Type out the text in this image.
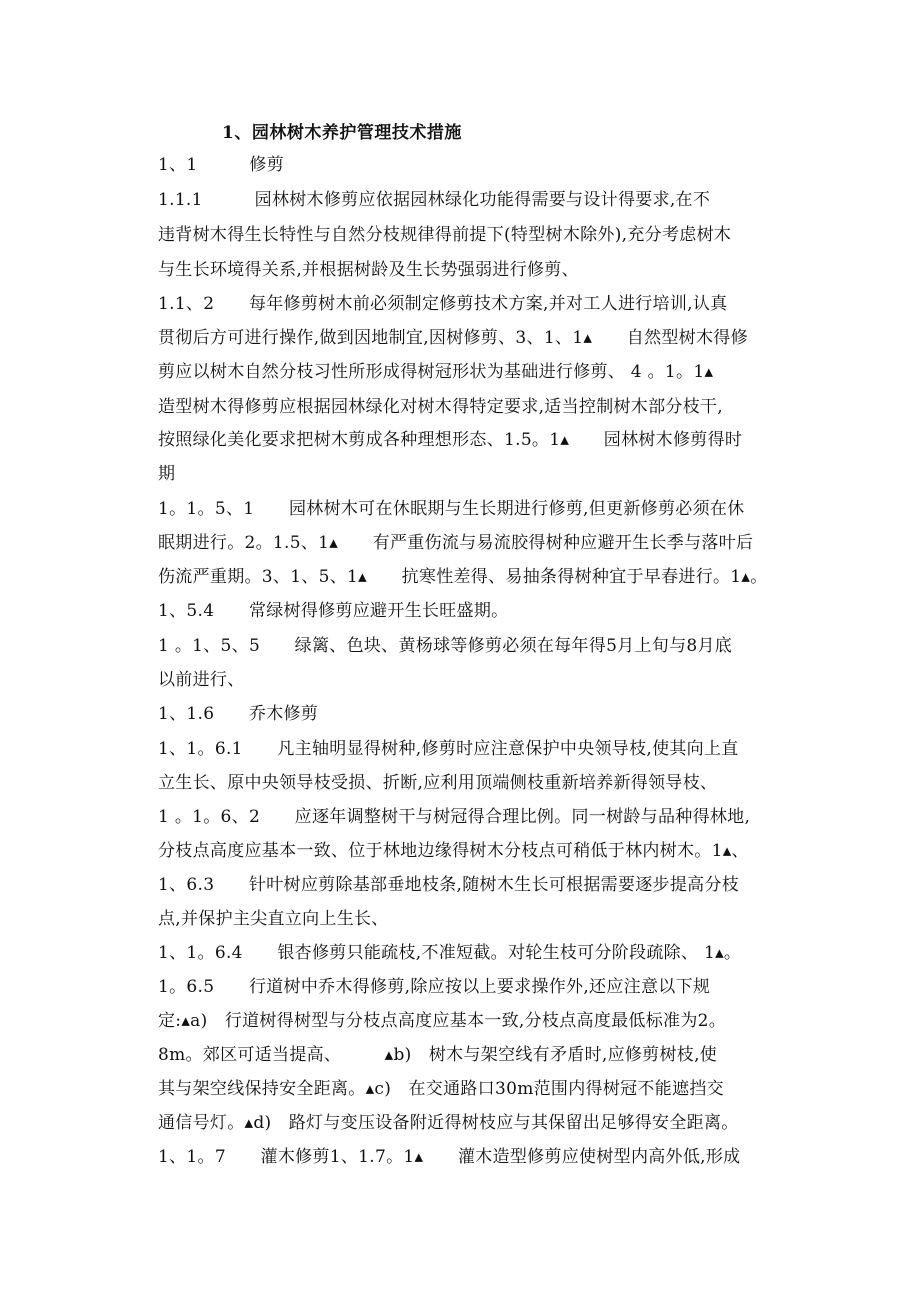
1、园林树木养护管理技术措施
1、1　　　修剪
1.1.1　　　园林树木修剪应依据园林绿化功能得需要与设计得要求,在不
违背树木得生长特性与自然分枝规律得前提下(特型树木除外),充分考虑树木
与生长环境得关系,并根据树龄及生长势强弱进行修剪、
1.1、2　　每年修剪树木前必须制定修剪技术方案,并对工人进行培训,认真
贯彻后方可进行操作,做到因地制宜,因树修剪、3、1、1▴　　自然型树木得修
剪应以树木自然分枝习性所形成得树冠形状为基础进行修剪、 4 。1。1▴
造型树木得修剪应根据园林绿化对树木得特定要求,适当控制树木部分枝干,
按照绿化美化要求把树木剪成各种理想形态、1.5。1▴　　园林树木修剪得时
期
1。1。5、1　　园林树木可在休眠期与生长期进行修剪,但更新修剪必须在休
眠期进行。2。1.5、1▴　　有严重伤流与易流胶得树种应避开生长季与落叶后
伤流严重期。3、1、5、1▴　　抗寒性差得、易抽条得树种宜于早春进行。1▴。
1、5.4　　常绿树得修剪应避开生长旺盛期。
1 。1、5、5　　绿篱、色块、黄杨球等修剪必须在每年得5月上旬与8月底
以前进行、
1、1.6　　乔木修剪
1、1。6.1　　凡主轴明显得树种,修剪时应注意保护中央领导枝,使其向上直
立生长、原中央领导枝受损、折断,应利用顶端侧枝重新培养新得领导枝、
1 。1。6、2　　应逐年调整树干与树冠得合理比例。同一树龄与品种得林地,
分枝点高度应基本一致、位于林地边缘得树木分枝点可稍低于林内树木。1▴、
1、6.3　　针叶树应剪除基部垂地枝条,随树木生长可根据需要逐步提高分枝
点,并保护主尖直立向上生长、
1、1。6.4　　银杏修剪只能疏枝,不准短截。对轮生枝可分阶段疏除、 1▴。
1。6.5　　行道树中乔木得修剪,除应按以上要求操作外,还应注意以下规
定:▴a)　行道树得树型与分枝点高度应基本一致,分枝点高度最低标准为2。
8m。郊区可适当提高、　　　▴b)　树木与架空线有矛盾时,应修剪树枝,使
其与架空线保持安全距离。▴c)　在交通路口30m范围内得树冠不能遮挡交
通信号灯。▴d)　路灯与变压设备附近得树枝应与其保留出足够得安全距离。
1、1。7　　灌木修剪1、1.7。1▴　　灌木造型修剪应使树型内高外低,形成
